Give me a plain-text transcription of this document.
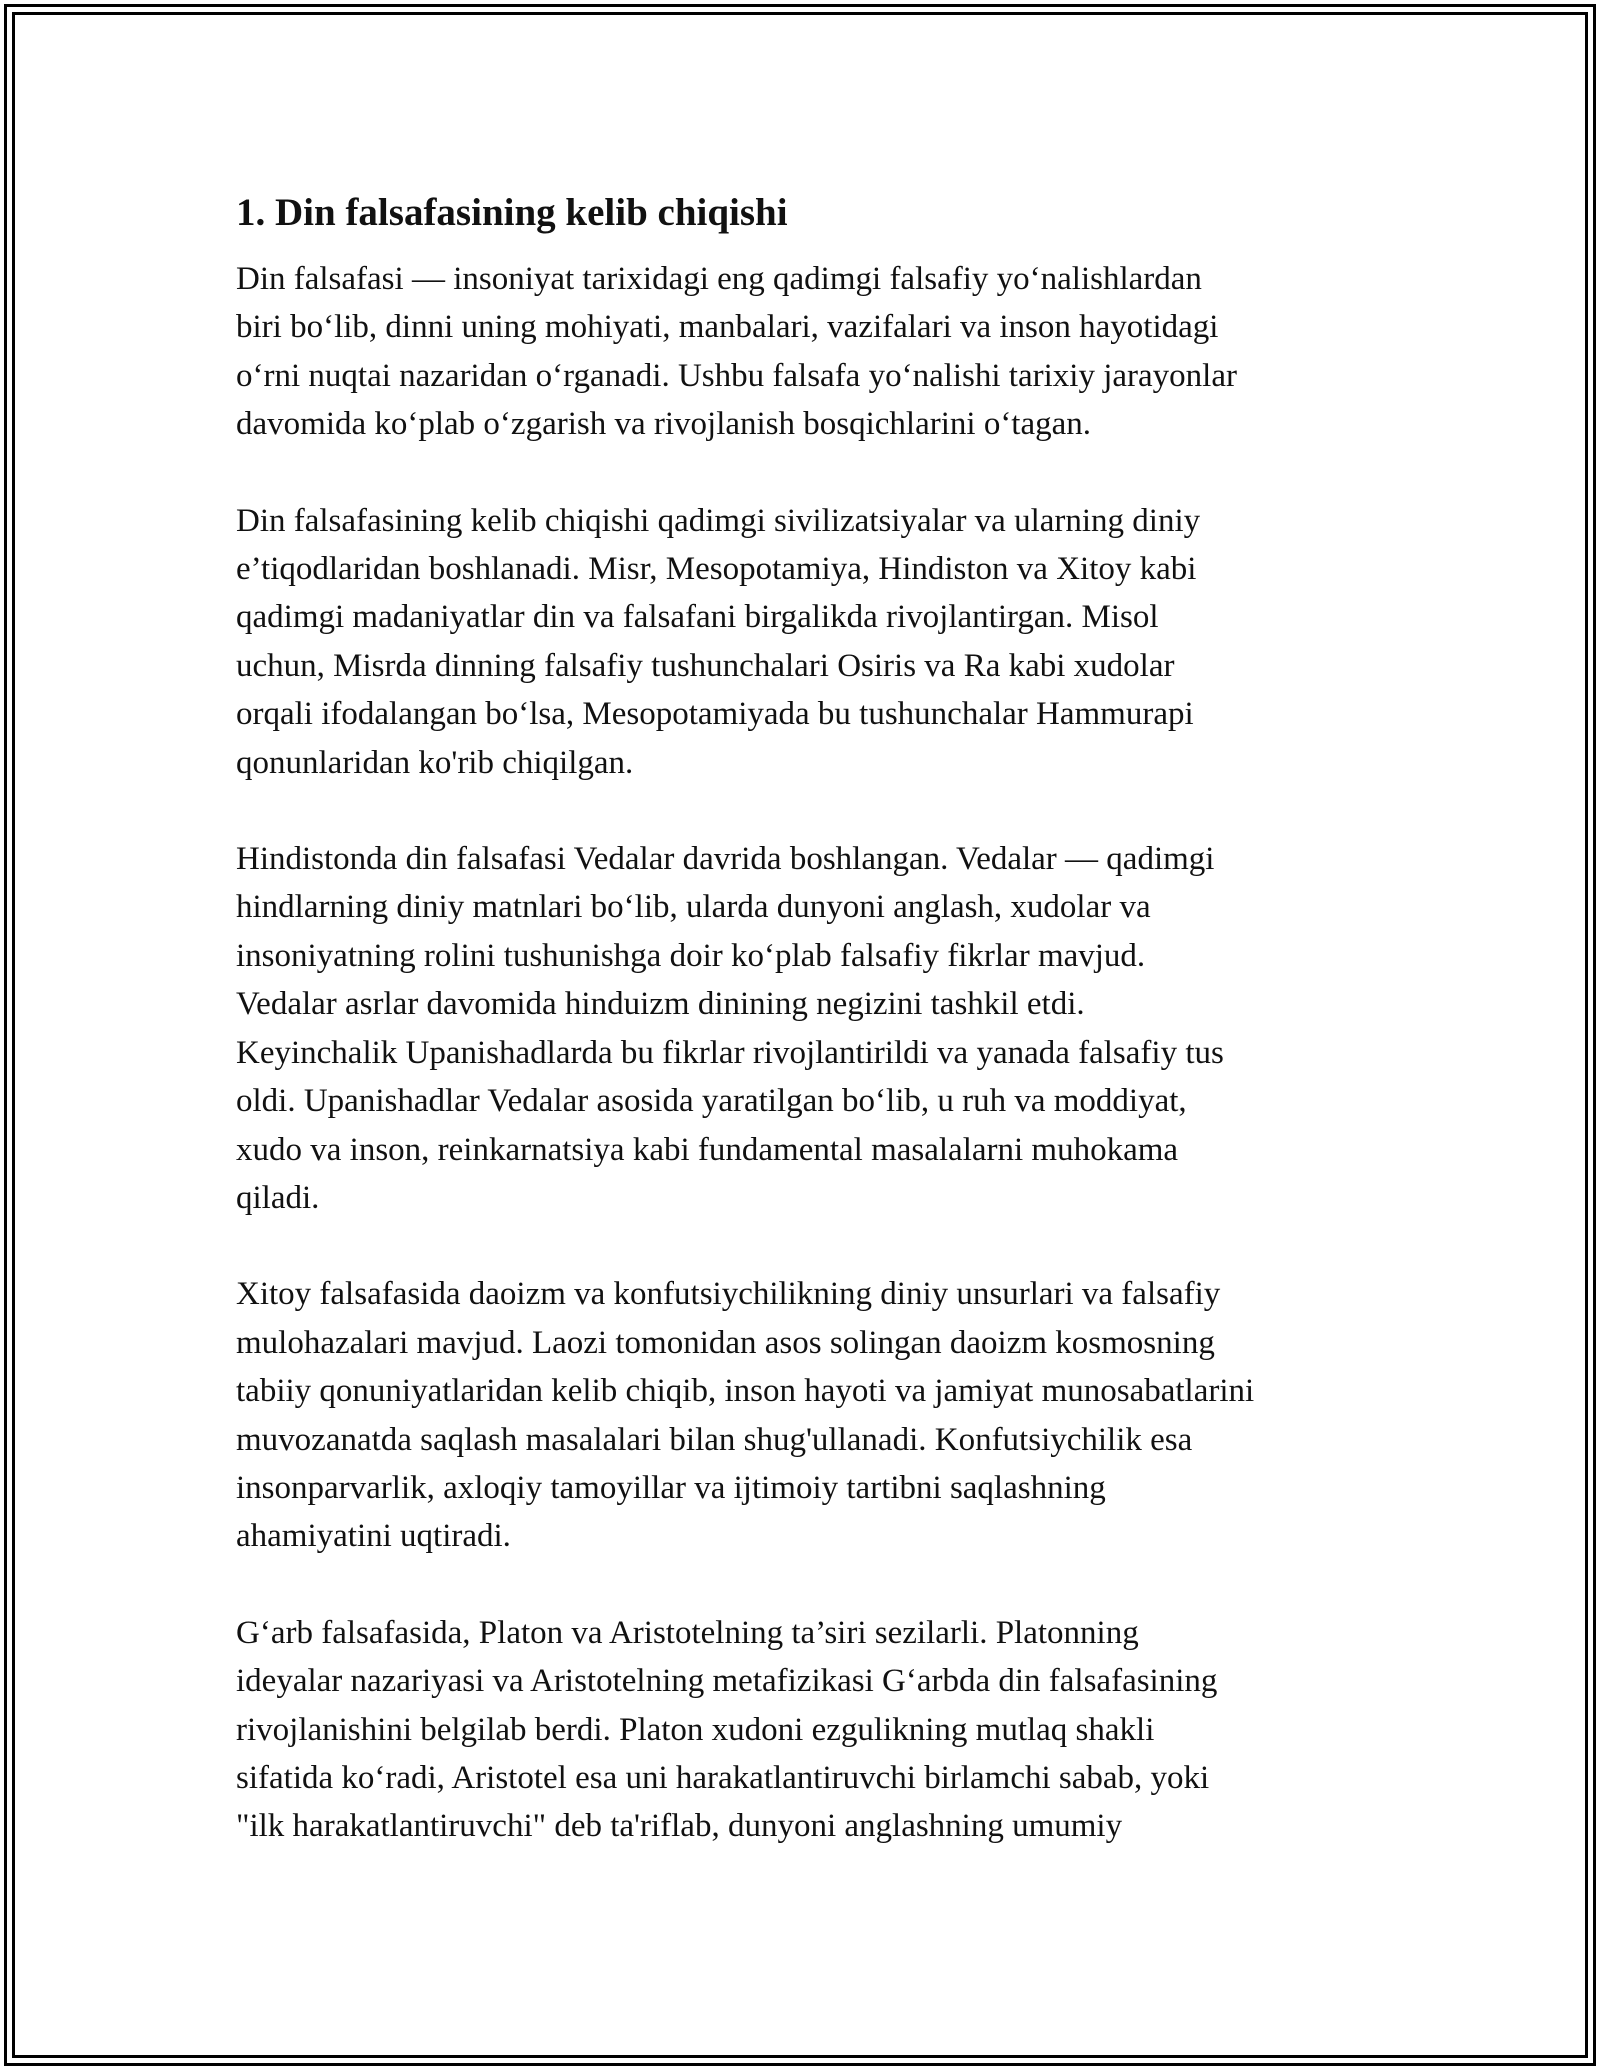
1. Din falsafasining kelib chiqishi

Din falsafasi — insoniyat tarixidagi eng qadimgi falsafiy yo‘nalishlardan
biri bo‘lib, dinni uning mohiyati, manbalari, vazifalari va inson hayotidagi
o‘rni nuqtai nazaridan o‘rganadi. Ushbu falsafa yo‘nalishi tarixiy jarayonlar
davomida ko‘plab o‘zgarish va rivojlanish bosqichlarini o‘tagan.

Din falsafasining kelib chiqishi qadimgi sivilizatsiyalar va ularning diniy
e’tiqodlaridan boshlanadi. Misr, Mesopotamiya, Hindiston va Xitoy kabi
qadimgi madaniyatlar din va falsafani birgalikda rivojlantirgan. Misol
uchun, Misrda dinning falsafiy tushunchalari Osiris va Ra kabi xudolar
orqali ifodalangan bo‘lsa, Mesopotamiyada bu tushunchalar Hammurapi
qonunlaridan ko'rib chiqilgan.

Hindistonda din falsafasi Vedalar davrida boshlangan. Vedalar — qadimgi
hindlarning diniy matnlari bo‘lib, ularda dunyoni anglash, xudolar va
insoniyatning rolini tushunishga doir ko‘plab falsafiy fikrlar mavjud.
Vedalar asrlar davomida hinduizm dinining negizini tashkil etdi.
Keyinchalik Upanishadlarda bu fikrlar rivojlantirildi va yanada falsafiy tus
oldi. Upanishadlar Vedalar asosida yaratilgan bo‘lib, u ruh va moddiyat,
xudo va inson, reinkarnatsiya kabi fundamental masalalarni muhokama
qiladi.

Xitoy falsafasida daoizm va konfutsiychilikning diniy unsurlari va falsafiy
mulohazalari mavjud. Laozi tomonidan asos solingan daoizm kosmosning
tabiiy qonuniyatlaridan kelib chiqib, inson hayoti va jamiyat munosabatlarini
muvozanatda saqlash masalalari bilan shug'ullanadi. Konfutsiychilik esa
insonparvarlik, axloqiy tamoyillar va ijtimoiy tartibni saqlashning
ahamiyatini uqtiradi.

G‘arb falsafasida, Platon va Aristotelning ta’siri sezilarli. Platonning
ideyalar nazariyasi va Aristotelning metafizikasi G‘arbda din falsafasining
rivojlanishini belgilab berdi. Platon xudoni ezgulikning mutlaq shakli
sifatida ko‘radi, Aristotel esa uni harakatlantiruvchi birlamchi sabab, yoki
"ilk harakatlantiruvchi" deb ta'riflab, dunyoni anglashning umumiy
